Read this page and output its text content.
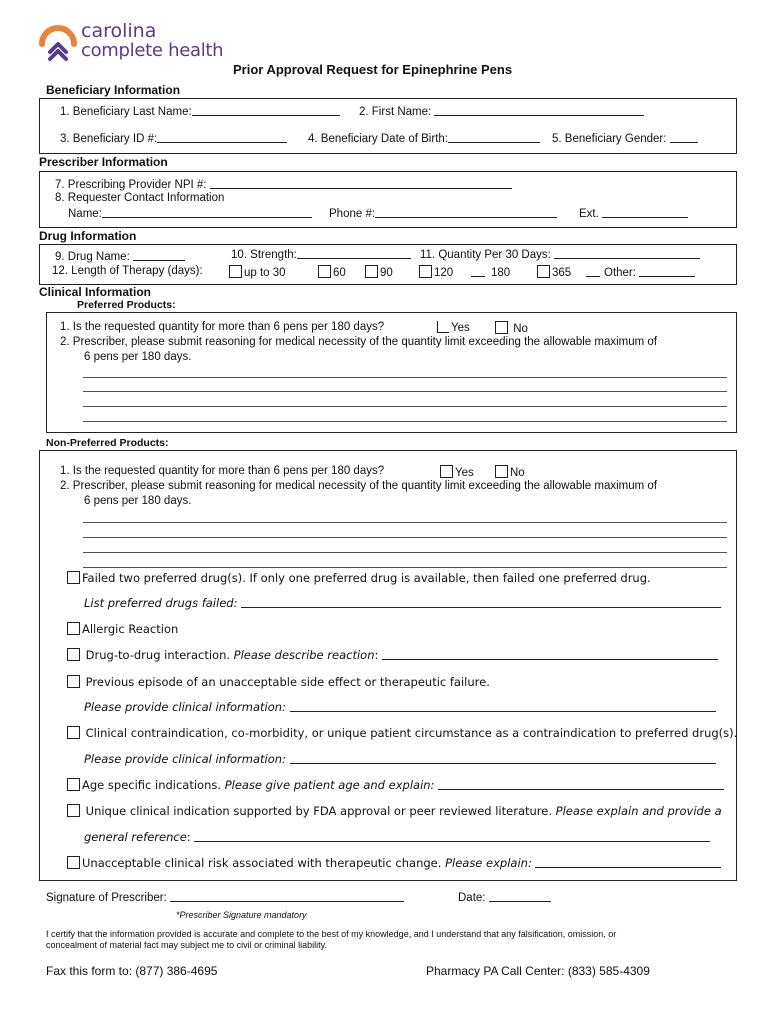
carolina
complete health
Prior Approval Request for Epinephrine Pens
Beneficiary Information
1. Beneficiary Last Name:	2. First Name:
3. Beneficiary ID #:	4. Beneficiary Date of Birth:	5. Beneficiary Gender:
Prescriber Information
7. Prescribing Provider NPI #:
8. Requester Contact Information
Name:	Phone #:	Ext.
Drug Information
9. Drug Name:	10. Strength:	11. Quantity Per 30 Days:
12. Length of Therapy (days):	up to 30	60	90	120	180	365	Other:
Clinical Information
Preferred Products:
1. Is the requested quantity for more than 6 pens per 180 days?	Yes	No
2. Prescriber, please submit reasoning for medical necessity of the quantity limit exceeding the allowable maximum of
6 pens per 180 days.
Non-Preferred Products:
1. Is the requested quantity for more than 6 pens per 180 days?	Yes	No
2. Prescriber, please submit reasoning for medical necessity of the quantity limit exceeding the allowable maximum of
6 pens per 180 days.
Failed two preferred drug(s). If only one preferred drug is available, then failed one preferred drug.
List preferred drugs failed:
Allergic Reaction
Drug-to-drug interaction. Please describe reaction:
Previous episode of an unacceptable side effect or therapeutic failure.
Please provide clinical information:
Clinical contraindication, co-morbidity, or unique patient circumstance as a contraindication to preferred drug(s).
Please provide clinical information:
Age specific indications. Please give patient age and explain:
Unique clinical indication supported by FDA approval or peer reviewed literature. Please explain and provide a
general reference:
Unacceptable clinical risk associated with therapeutic change. Please explain:
Signature of Prescriber:	Date:
*Prescriber Signature mandatory
I certify that the information provided is accurate and complete to the best of my knowledge, and I understand that any falsification, omission, or
concealment of material fact may subject me to civil or criminal liability.
Fax this form to: (877) 386-4695	Pharmacy PA Call Center: (833) 585-4309
